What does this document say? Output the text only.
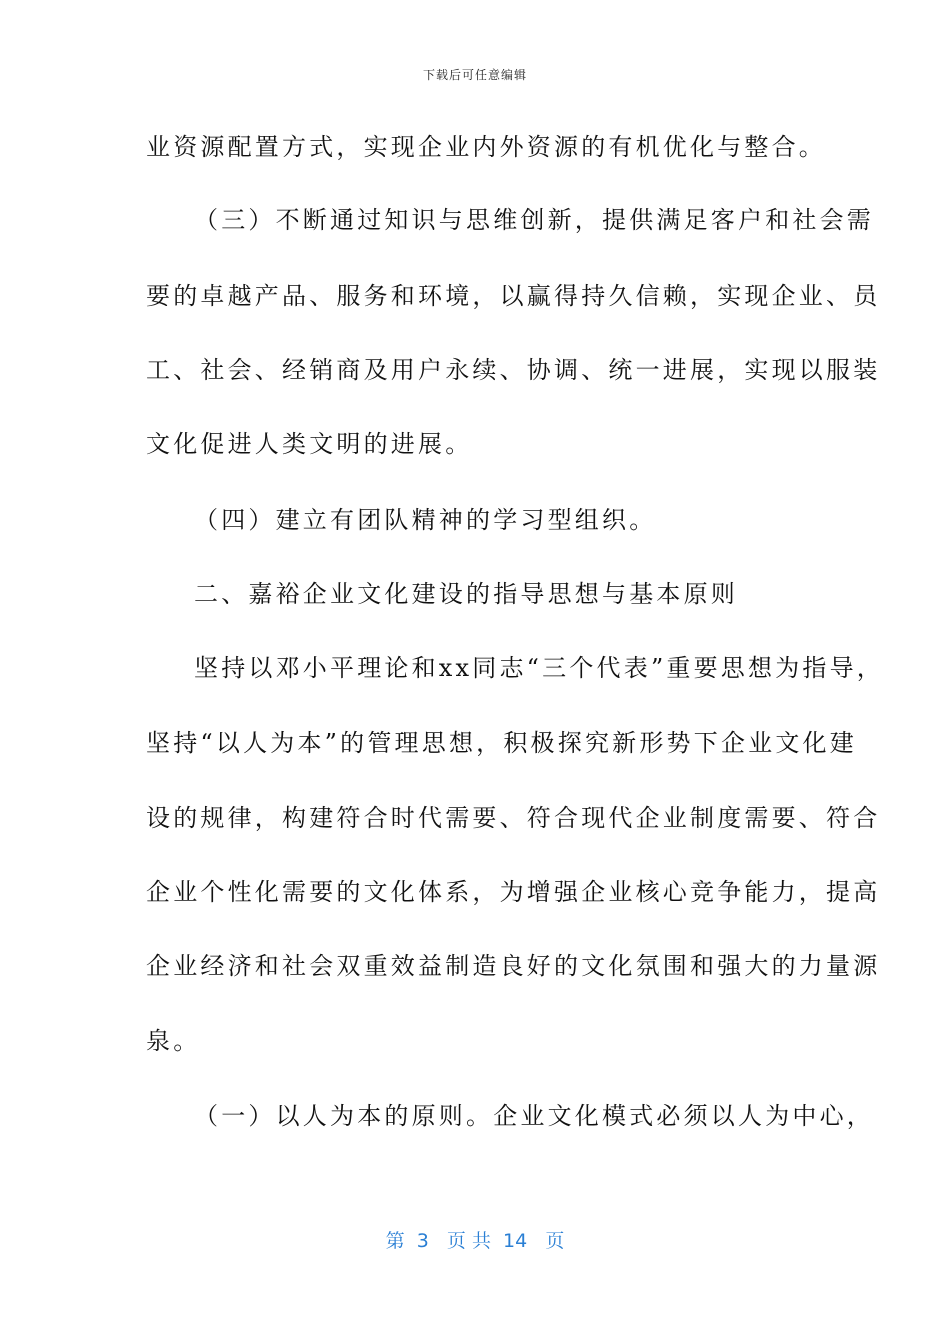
下载后可任意编辑
业资源配置方式，实现企业内外资源的有机优化与整合。
（三）不断通过知识与思维创新，提供满足客户和社会需
要的卓越产品、服务和环境，以赢得持久信赖，实现企业、员
工、社会、经销商及用户永续、协调、统一进展，实现以服装
文化促进人类文明的进展。
（四）建立有团队精神的学习型组织。
二、嘉裕企业文化建设的指导思想与基本原则
坚持以邓小平理论和xx同志“三个代表”重要思想为指导，
坚持“以人为本”的管理思想，积极探究新形势下企业文化建
设的规律，构建符合时代需要、符合现代企业制度需要、符合
企业个性化需要的文化体系，为增强企业核心竞争能力，提高
企业经济和社会双重效益制造良好的文化氛围和强大的力量源
泉。
（一）以人为本的原则。企业文化模式必须以人为中心，
第  3   页 共  14   页
